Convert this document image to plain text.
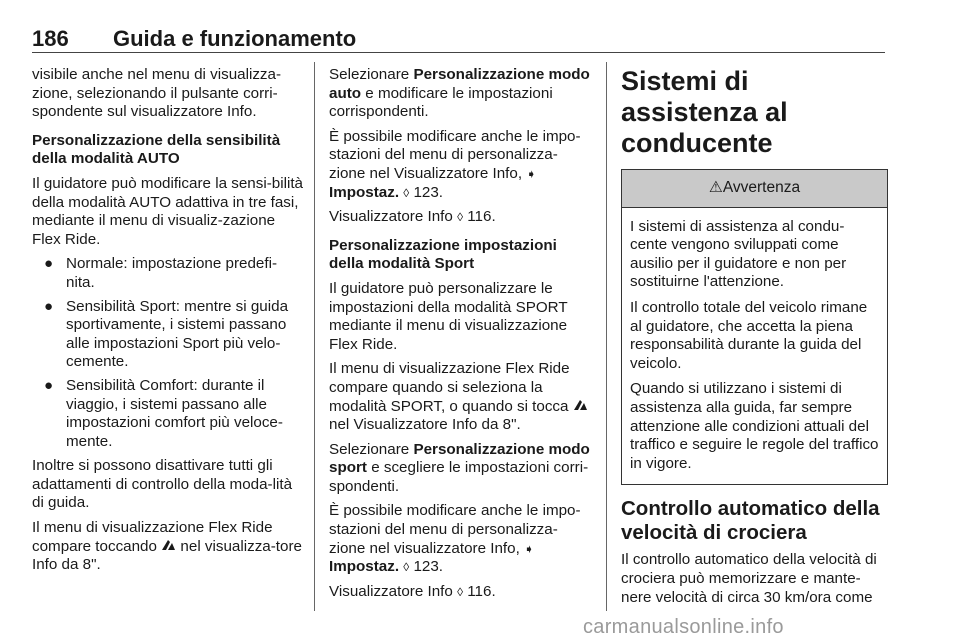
186 Guida e funzionamento

visibile anche nel menu di visualizza-zione, selezionando il pulsante corri-spondente sul visualizzatore Info.

Personalizzazione della sensibilità della modalità AUTO

Il guidatore può modificare la sensi-bilità della modalità AUTO adattiva in tre fasi, mediante il menu di visualiz-zazione Flex Ride.

● Normale: impostazione predefi-nita.
● Sensibilità Sport: mentre si guida sportivamente, i sistemi passano alle impostazioni Sport più velo-cemente.
● Sensibilità Comfort: durante il viaggio, i sistemi passano alle impostazioni comfort più veloce-mente.

Inoltre si possono disattivare tutti gli adattamenti di controllo della moda-lità di guida.

Il menu di visualizzazione Flex Ride compare toccando nel visualizza-tore Info da 8".

Selezionare Personalizzazione modo auto e modificare le impostazioni corrispondenti.

È possibile modificare anche le impo-stazioni del menu di personalizza-zione nel Visualizzatore Info, ➧ Impostaz. ◊ 123.

Visualizzatore Info ◊ 116.

Personalizzazione impostazioni della modalità Sport

Il guidatore può personalizzare le impostazioni della modalità SPORT mediante il menu di visualizzazione Flex Ride.

Il menu di visualizzazione Flex Ride compare quando si seleziona la modalità SPORT, o quando si tocca  nel Visualizzatore Info da 8".

Selezionare Personalizzazione modo sport e scegliere le impostazioni corri-spondenti.

È possibile modificare anche le impo-stazioni del menu di personalizza-zione nel visualizzatore Info, ➧ Impostaz. ◊ 123.

Visualizzatore Info ◊ 116.

Sistemi di assistenza al conducente
⚠Avvertenza

I sistemi di assistenza al condu-cente vengono sviluppati come ausilio per il guidatore e non per sostituirne l'attenzione.

Il controllo totale del veicolo rimane al guidatore, che accetta la piena responsabilità durante la guida del veicolo.

Quando si utilizzano i sistemi di assistenza alla guida, far sempre attenzione alle condizioni attuali del traffico e seguire le regole del traffico in vigore.

Controllo automatico della velocità di crociera

Il controllo automatico della velocità di crociera può memorizzare e mante-nere velocità di circa 30 km/ora come

carmanualsonline.info
